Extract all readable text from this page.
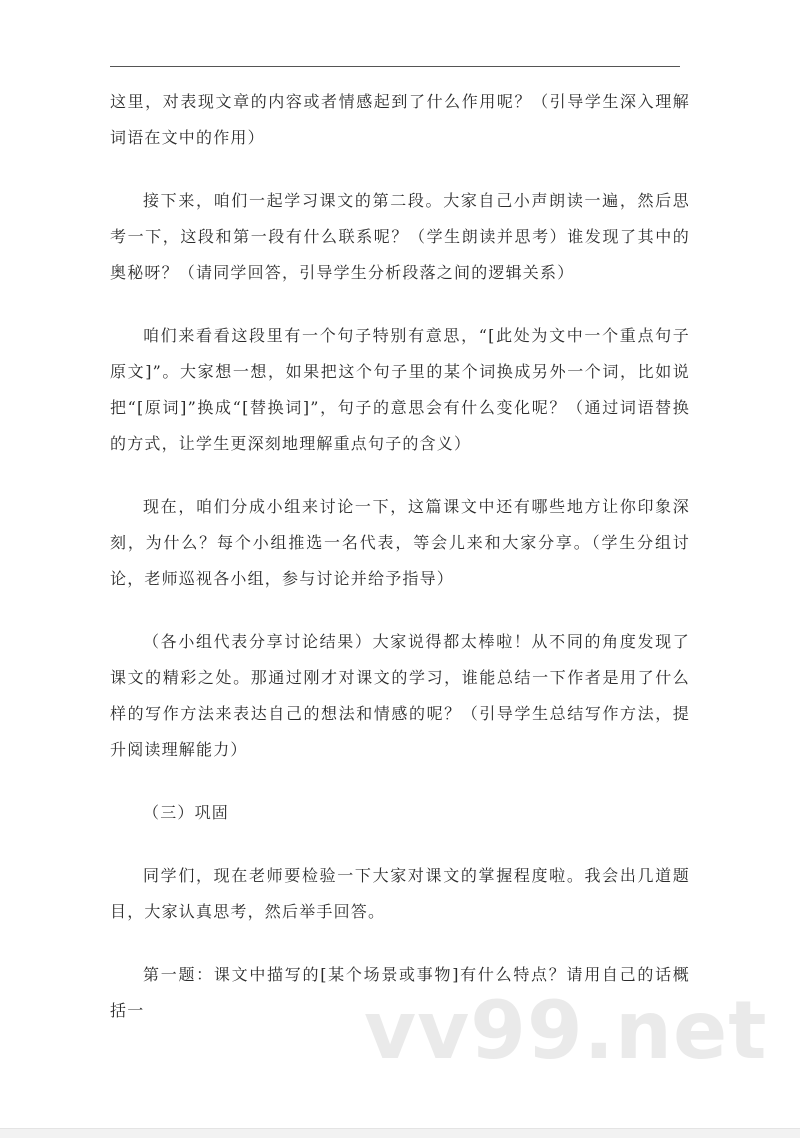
这里，对表现文章的内容或者情感起到了什么作用呢？（引导学生深入理解词语在文中的作用）

接下来，咱们一起学习课文的第二段。大家自己小声朗读一遍，然后思考一下，这段和第一段有什么联系呢？（学生朗读并思考）谁发现了其中的奥秘呀？（请同学回答，引导学生分析段落之间的逻辑关系）

咱们来看看这段里有一个句子特别有意思，“[此处为文中一个重点句子原文]”。大家想一想，如果把这个句子里的某个词换成另外一个词，比如说把“[原词]”换成“[替换词]”，句子的意思会有什么变化呢？（通过词语替换的方式，让学生更深刻地理解重点句子的含义）

现在，咱们分成小组来讨论一下，这篇课文中还有哪些地方让你印象深刻，为什么？每个小组推选一名代表，等会儿来和大家分享。（学生分组讨论，老师巡视各小组，参与讨论并给予指导）

（各小组代表分享讨论结果）大家说得都太棒啦！从不同的角度发现了课文的精彩之处。那通过刚才对课文的学习，谁能总结一下作者是用了什么样的写作方法来表达自己的想法和情感的呢？（引导学生总结写作方法，提升阅读理解能力）

（三）巩固

同学们，现在老师要检验一下大家对课文的掌握程度啦。我会出几道题目，大家认真思考，然后举手回答。

第一题：课文中描写的[某个场景或事物]有什么特点？请用自己的话概括一	vv99.net
